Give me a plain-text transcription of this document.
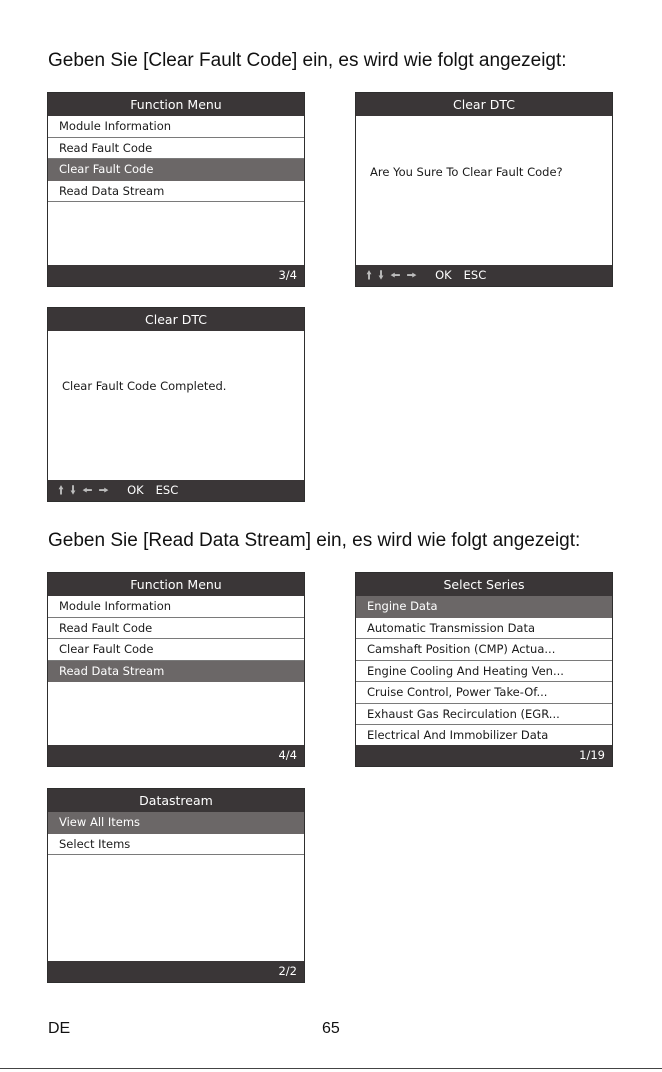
Geben Sie [Clear Fault Code] ein, es wird wie folgt angezeigt:
Function Menu
Module Information
Read Fault Code
Clear Fault Code
Read Data Stream
3/4
Clear DTC
Are You Sure To Clear Fault Code?
🠙 🠛 🠘 🠚 OK ESC
Clear DTC
Clear Fault Code Completed.
🠙 🠛 🠘 🠚 OK ESC
Geben Sie [Read Data Stream] ein, es wird wie folgt angezeigt:
Function Menu
Module Information
Read Fault Code
Clear Fault Code
Read Data Stream
4/4
Select Series
Engine Data
Automatic Transmission Data
Camshaft Position (CMP) Actua...
Engine Cooling And Heating Ven...
Cruise Control, Power Take-Of...
Exhaust Gas Recirculation (EGR...
Electrical And Immobilizer Data
1/19
Datastream
View All Items
Select Items
2/2
DE	65
